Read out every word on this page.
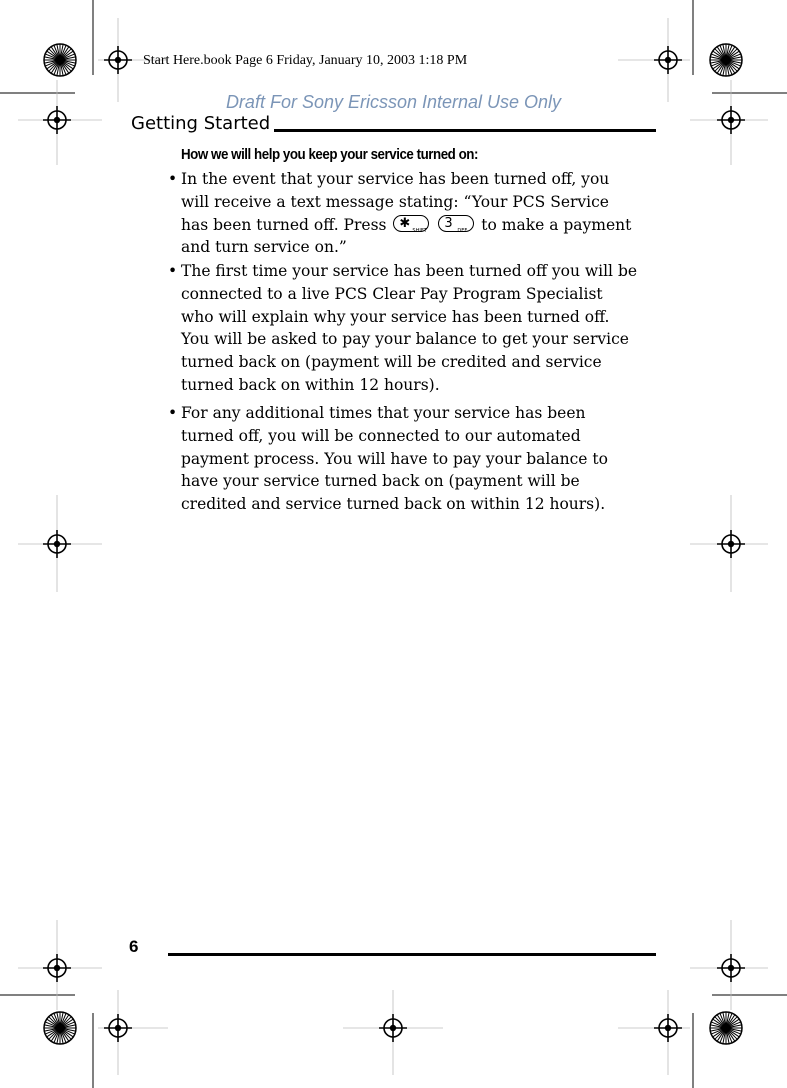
Start Here.book Page 6 Friday, January 10, 2003 1:18 PM
Draft For Sony Ericsson Internal Use Only
Getting Started
How we will help you keep your service turned on:
• In the event that your service has been turned off, you will receive a text message stating: “Your PCS Service has been turned off. Press ✱ SHIFT
3 DEF to make a payment and turn service on.”
• The first time your service has been turned off you will be connected to a live PCS Clear Pay Program Specialist who will explain why your service has been turned off. You will be asked to pay your balance to get your service turned back on (payment will be credited and service turned back on within 12 hours).
• For any additional times that your service has been turned off, you will be connected to our automated payment process. You will have to pay your balance to have your service turned back on (payment will be credited and service turned back on within 12 hours).
6
